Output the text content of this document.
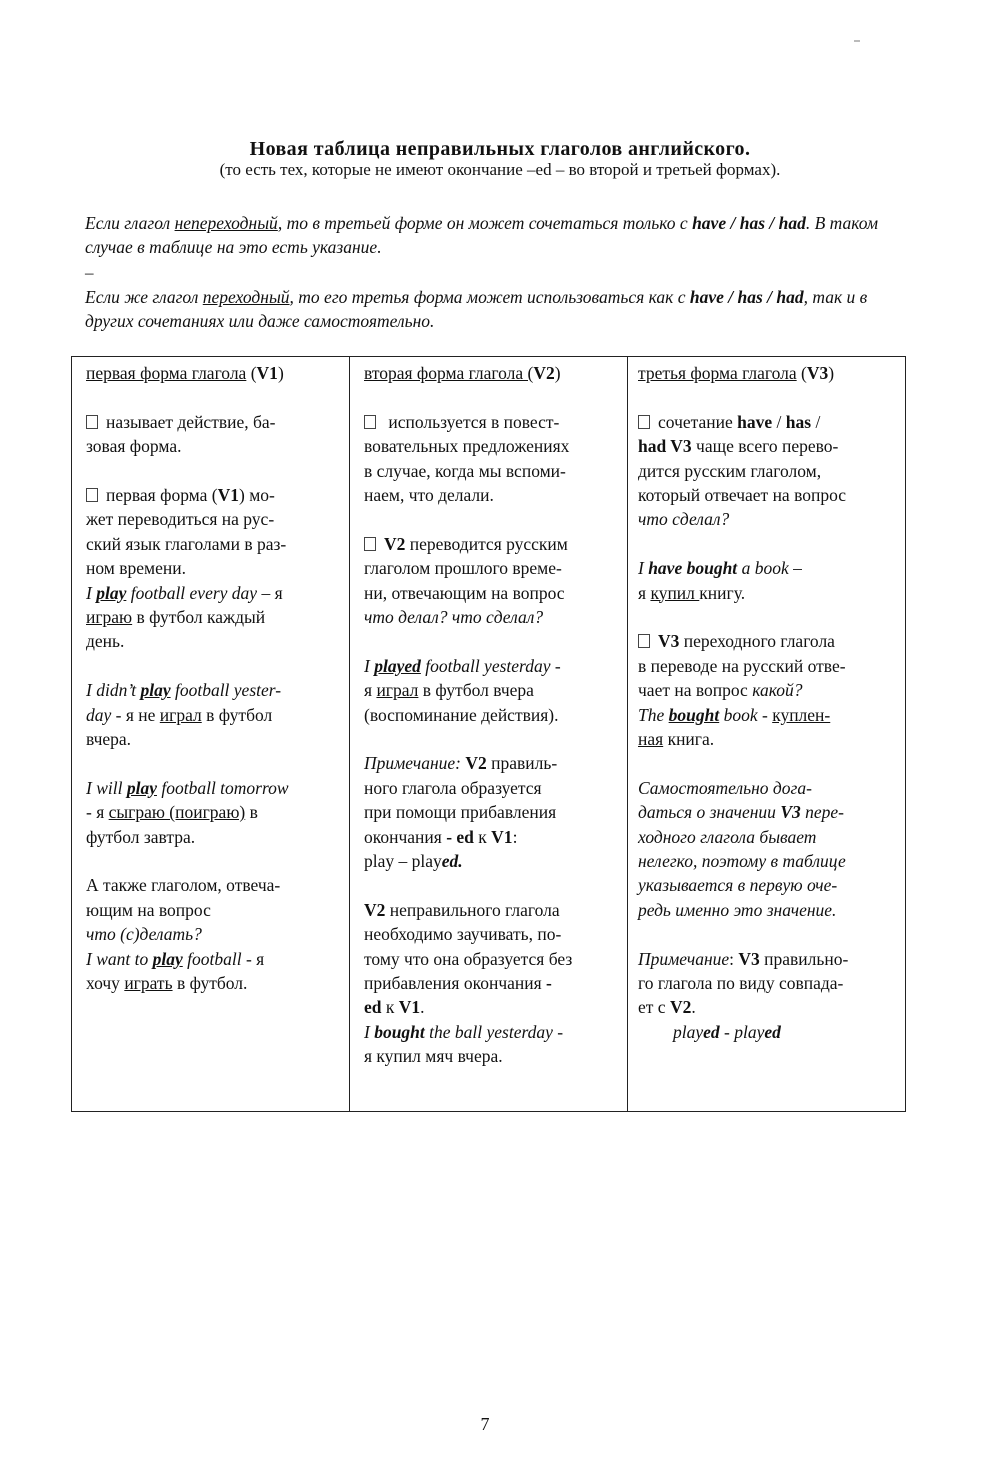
Новая таблица неправильных глаголов английского.
(то есть тех, которые не имеют окончание –ed – во второй и третьей формах).
Если глагол непереходный, то в третьей форме он может сочетаться только с have / has / had. В таком случае в таблице на это есть указание.
–
Если же глагол переходный, то его третья форма может использоваться как с have / has / had, так и в других сочетаниях или даже самостоятельно.
первая форма глагола (V1)
называет действие, ба-
зовая форма.
первая форма (V1) мо-
жет переводиться на рус-
ский язык глаголами в раз-
ном времени.
I play football every day – я
играю в футбол каждый
день.
I didn’t play football yester-
day - я не играл в футбол
вчера.
I will play football tomorrow
- я сыграю (поиграю) в
футбол завтра.
А также глаголом, отвеча-
ющим на вопрос
что (с)делать?
I want to play football - я
хочу играть в футбол.
вторая форма глагола (V2)
используется в повест-
вовательных предложениях
в случае, когда мы вспоми-
наем, что делали.
V2 переводится русским
глаголом прошлого време-
ни, отвечающим на вопрос
что делал? что сделал?
I played football yesterday -
я играл в футбол вчера
(воспоминание действия).
Примечание: V2 правиль-
ного глагола образуется
при помощи прибавления
окончания - ed к V1:
play – played.
V2 неправильного глагола
необходимо заучивать, по-
тому что она образуется без
прибавления окончания -
ed к V1.
I bought the ball yesterday -
я купил мяч вчера.
третья форма глагола (V3)
сочетание have / has /
had V3 чаще всего перево-
дится русским глаголом,
который отвечает на вопрос
что сделал?
I have bought a book –
я купил книгу.
V3 переходного глагола
в переводе на русский отве-
чает на вопрос какой?
The bought book - куплен-
ная книга.
Самостоятельно дога-
даться о значении V3 пере-
ходного глагола бывает
нелегко, поэтому в таблице
указывается в первую оче-
редь именно это значение.
Примечание: V3 правильно-
го глагола по виду совпада-
ет с V2.
played - played
7
